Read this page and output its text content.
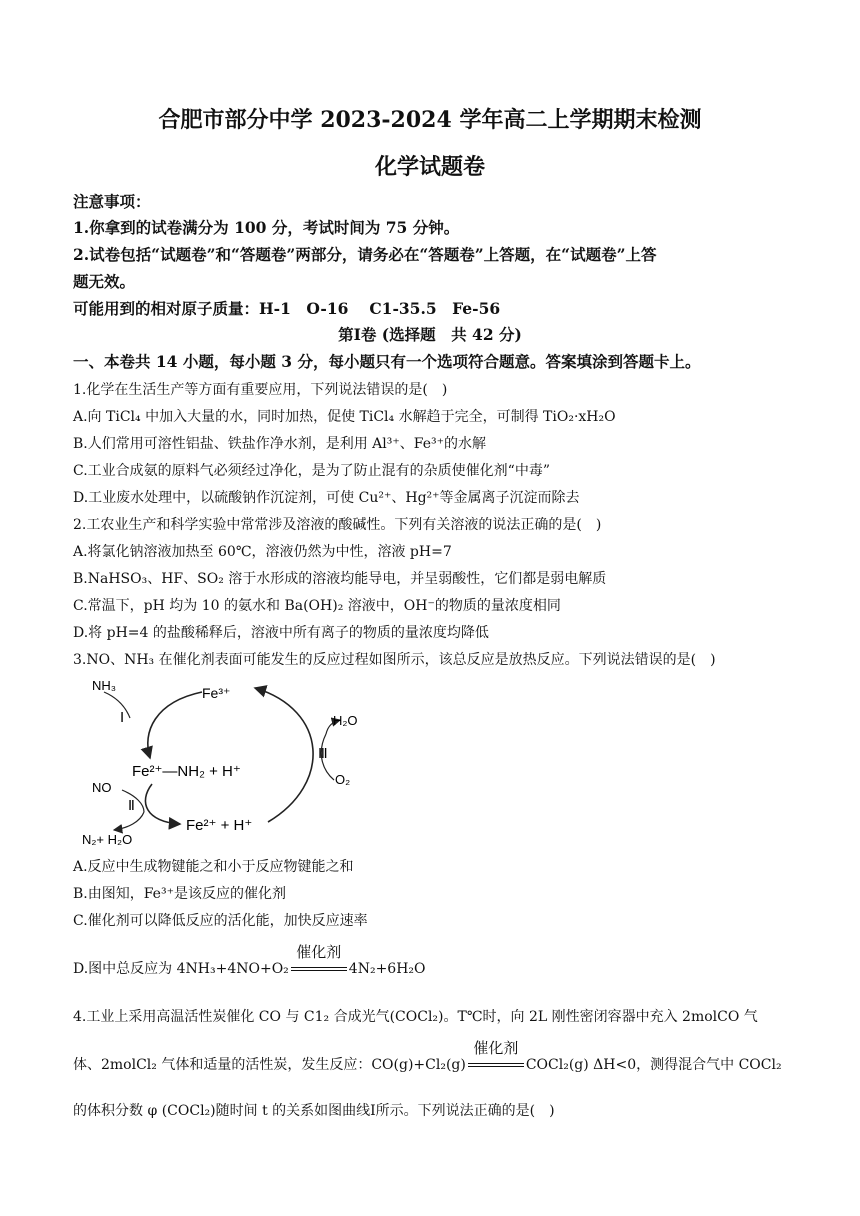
合肥市部分中学 2023-2024 学年高二上学期期末检测
化学试题卷
注意事项：
1.你拿到的试卷满分为 100 分，考试时间为 75 分钟。
2.试卷包括“试题卷”和“答题卷”两部分，请务必在“答题卷”上答题，在“试题卷”上答
题无效。
可能用到的相对原子质量：H-1　O-16　 C1-35.5　Fe-56
第Ⅰ卷 (选择题　共 42 分)
一、本卷共 14 小题，每小题 3 分，每小题只有一个选项符合题意。答案填涂到答题卡上。
1.化学在生活生产等方面有重要应用，下列说法错误的是(　)
A.向 TiCl₄ 中加入大量的水，同时加热，促使 TiCl₄ 水解趋于完全，可制得 TiO₂·xH₂O
B.人们常用可溶性铝盐、铁盐作净水剂，是利用 Al³⁺、Fe³⁺的水解
C.工业合成氨的原料气必须经过净化，是为了防止混有的杂质使催化剂“中毒”
D.工业废水处理中，以硫酸钠作沉淀剂，可使 Cu²⁺、Hg²⁺等金属离子沉淀而除去
2.工农业生产和科学实验中常常涉及溶液的酸碱性。下列有关溶液的说法正确的是(　)
A.将氯化钠溶液加热至 60℃，溶液仍然为中性，溶液 pH=7
B.NaHSO₃、HF、SO₂ 溶于水形成的溶液均能导电，并呈弱酸性，它们都是弱电解质
C.常温下，pH 均为 10 的氨水和 Ba(OH)₂ 溶液中，OH⁻的物质的量浓度相同
D.将 pH=4 的盐酸稀释后，溶液中所有离子的物质的量浓度均降低
3.NO、NH₃ 在催化剂表面可能发生的反应过程如图所示，该总反应是放热反应。下列说法错误的是(　)
NH₃	Fe³⁺
Ⅰ	H₂O
Ⅲ
O₂
Fe²⁺—NH₂ + H⁺
NO
Ⅱ
Fe²⁺ + H⁺
N₂+ H₂O
A.反应中生成物键能之和小于反应物键能之和
B.由图知，Fe³⁺是该反应的催化剂
C.催化剂可以降低反应的活化能，加快反应速率
D.图中总反应为 4NH₃+4NO+O₂
催化剂
4N₂+6H₂O
4.工业上采用高温活性炭催化 CO 与 C1₂ 合成光气(COCl₂)。T℃时，向 2L 刚性密闭容器中充入 2molCO 气
体、2molCl₂ 气体和适量的活性炭，发生反应：CO(g)+Cl₂(g)
催化剂
COCl₂(g) ΔH<0，测得混合气中 COCl₂
的体积分数 φ (COCl₂)随时间 t 的关系如图曲线Ⅰ所示。下列说法正确的是(　)
